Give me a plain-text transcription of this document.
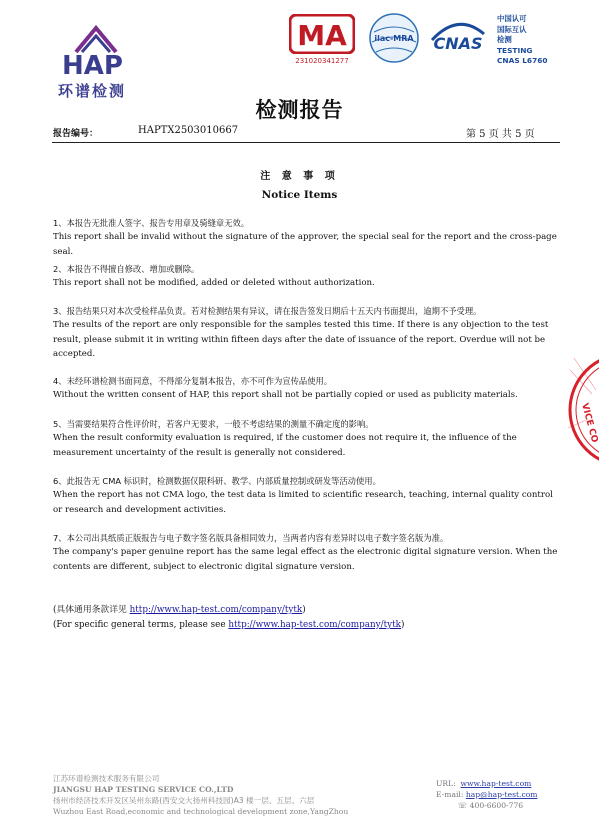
HAP
环谱检测
MA
231020341277
ilac-MRA CNAS
中国认可
国际互认
检测
TESTING
CNAS L6760
检测报告
报告编号：	HAPTX2503010667	第 5 页 共 5 页
注 意 事 项
Notice Items
1、本报告无批准人签字、报告专用章及骑缝章无效。
This report shall be invalid without the signature of the approver, the special seal for the report and the cross-page seal.
2、本报告不得擅自修改、增加或删除。
This report shall not be modified, added or deleted without authorization.
3、报告结果只对本次受检样品负责。若对检测结果有异议，请在报告签发日期后十五天内书面提出，逾期不予受理。
The results of the report are only responsible for the samples tested this time. If there is any objection to the test result, please submit it in writing within fifteen days after the date of issuance of the report. Overdue will not be accepted.
4、未经环谱检测书面同意，不得部分复制本报告，亦不可作为宣传品使用。
Without the written consent of HAP, this report shall not be partially copied or used as publicity materials.
5、当需要结果符合性评价时，若客户无要求，一般不考虑结果的测量不确定度的影响。
When the result conformity evaluation is required, if the customer does not require it, the influence of the measurement uncertainty of the result is generally not considered.
6、此报告无 CMA 标识时，检测数据仅限科研、教学、内部质量控制或研发等活动使用。
When the report has not CMA logo, the test data is limited to scientific research, teaching, internal quality control or research and development activities.
7、本公司出具纸质正版报告与电子数字签名版具备相同效力，当两者内容有差异时以电子数字签名版为准。
The company's paper genuine report has the same legal effect as the electronic digital signature version. When the contents are different, subject to electronic digital signature version.
(具体通用条款详见 http://www.hap-test.com/company/tytk)
(For specific general terms, please see http://www.hap-test.com/company/tytk)
江苏环谱检测技术服务有限公司
JIANGSU HAP TESTING SERVICE CO.,LTD
扬州市经济技术开发区吴州东路(西安交大扬州科技园)A3 楼一层、五层、六层
Wuzhou East Road,economic and technological development zone,YangZhou
URL: www.hap-test.com
E-mail: hap@hap-test.com
☏ 400-6600-776
VICE CO
